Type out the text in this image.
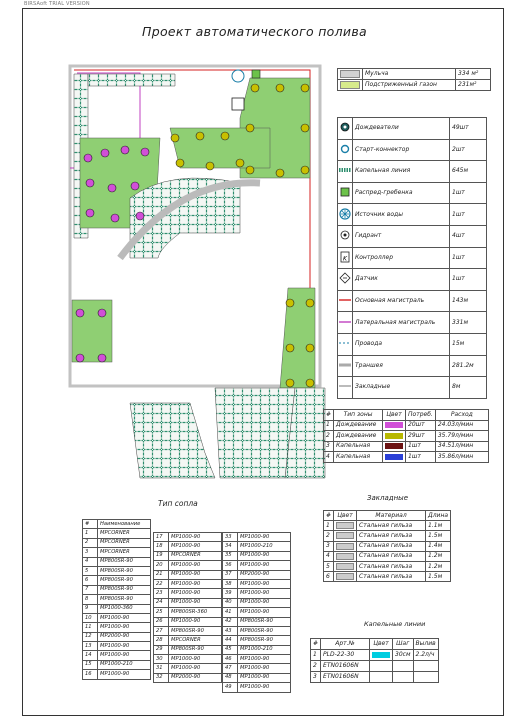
BIRSAoft TRIAL VERSION
Проект автоматического полива
	Мульча	334 м²
	Подстриженный газон	231м²
	Дождеватели	49шт
	Старт-коннектор	2шт
	Капельная линия	645м
	Распред-гребенка	1шт
	Источник воды	1шт
	Гидрант	4шт

K	Контроллер	1шт
	Датчик	1шт
	Основная магистраль	143м
	Латеральная магистраль	331м
	Провода	15м
	Траншея	281.2м
	Закладные	8м
#	Тип зоны	Цвет	Потреб.	Расход
1	Дождевание		20шт	24.03л/мин
2	Дождевание		29шт	35.79л/мин
3	Капельная		1шт	34.51л/мин
4	Капельная		1шт	35.86л/мин
Тип сопла
#	Наименование
1	MPCORNER
2	MPCORNER
3	MPCORNER
4	MP800SR-90
5	MP800SR-90
6	MP800SR-90
7	MP800SR-90
8	MP800SR-90
9	MP1000-360
10	MP1000-90
11	MP1000-90
12	MP2000-90
13	MP1000-90
14	MP1000-90
15	MP1000-210
16	MP1000-90
17	MP1000-90
18	MP1000-90
19	MPCORNER
20	MP1000-90
21	MP1000-90
22	MP1000-90
23	MP1000-90
24	MP1000-90
25	MP800SR-360
26	MP1000-90
27	MP800SR-90
28	MPCORNER
29	MP800SR-90
30	MP1000-90
31	MP1000-90
32	MP2000-90
33	MP1000-90
34	MP1000-210
35	MP1000-90
36	MP1000-90
37	MP2000-90
38	MP1000-90
39	MP1000-90
40	MP1000-90
41	MP1000-90
42	MP800SR-90
43	MP800SR-90
44	MP800SR-90
45	MP1000-210
46	MP1000-90
47	MP1000-90
48	MP1000-90
49	MP1000-90
Закладные
#	Цвет	Материал	Длина
1		Стальная гильза	1.1м
2		Стальная гильза	1.5м
3		Стальная гильза	1.4м
4		Стальная гильза	1.2м
5		Стальная гильза	1.2м
6		Стальная гильза	1.5м
Капельные линии
#	Арт.№	Цвет	Шаг	Вылив
1	PLD-22-30		30см	2.2л/ч
2	ETN01606N			
3	ETN01606N			
